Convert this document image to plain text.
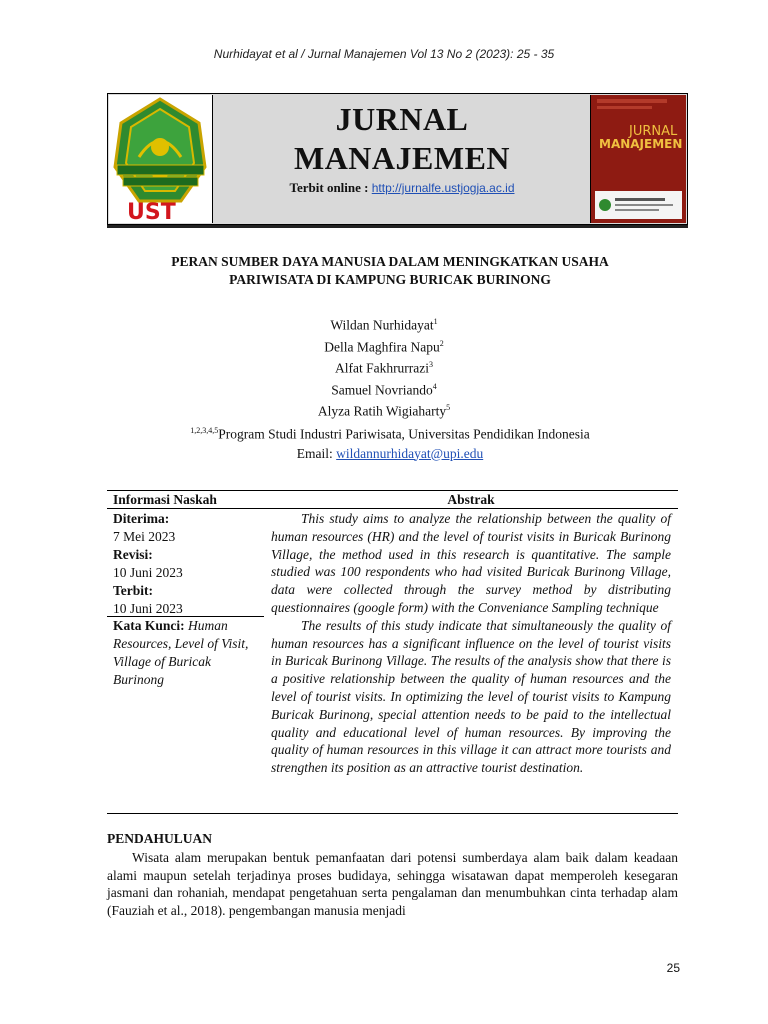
Nurhidayat et al / Jurnal Manajemen Vol 13 No 2 (2023): 25 - 35
UST
JURNAL
MANAJEMEN
Terbit online : http://jurnalfe.ustjogja.ac.id
JURNAL
MANAJEMEN
PERAN SUMBER DAYA MANUSIA DALAM MENINGKATKAN USAHA
PARIWISATA DI KAMPUNG BURICAK BURINONG
Wildan Nurhidayat$^1$
Della Maghfira Napu$^2$
Alfat Fakhrurrazi$^3$
Samuel Novriando$^4$
Alyza Ratih Wigiaharty$^5$
$^{1,2,3,4,5}$Program Studi Industri Pariwisata, Universitas Pendidikan Indonesia
Email: wildannurhidayat@upi.edu
Informasi Naskah	Abstrak
Diterima:
7 Mei 2023
Revisi:
10 Juni 2023
Terbit:
10 Juni 2023
Kata Kunci: Human Resources, Level of Visit, Village of Buricak Burinong

This study aims to analyze the relationship between the quality of human resources (HR) and the level of tourist visits in Buricak Burinong Village, the method used in this research is quantitative. The sample studied was 100 respondents who had visited Buricak Burinong Village, data were collected through the survey method by distributing questionnaires (google form) with the Conveniance Sampling technique

The results of this study indicate that simultaneously the quality of human resources has a significant influence on the level of tourist visits in Buricak Burinong Village. The results of the analysis show that there is a positive relationship between the quality of human resources and the level of tourist visits. In optimizing the level of tourist visits to Kampung Buricak Burinong, special attention needs to be paid to the intellectual quality and educational level of human resources. By improving the quality of human resources in this village it can attract more tourists and strengthen its position as an attractive tourist destination.

PENDAHULUAN

Wisata alam merupakan bentuk pemanfaatan dari potensi sumberdaya alam baik dalam keadaan alami maupun setelah terjadinya proses budidaya, sehingga wisatawan dapat memperoleh kesegaran jasmani dan rohaniah, mendapat pengetahuan serta pengalaman dan menumbuhkan cinta terhadap alam (Fauziah et al., 2018). pengembangan manusia menjadi

25
